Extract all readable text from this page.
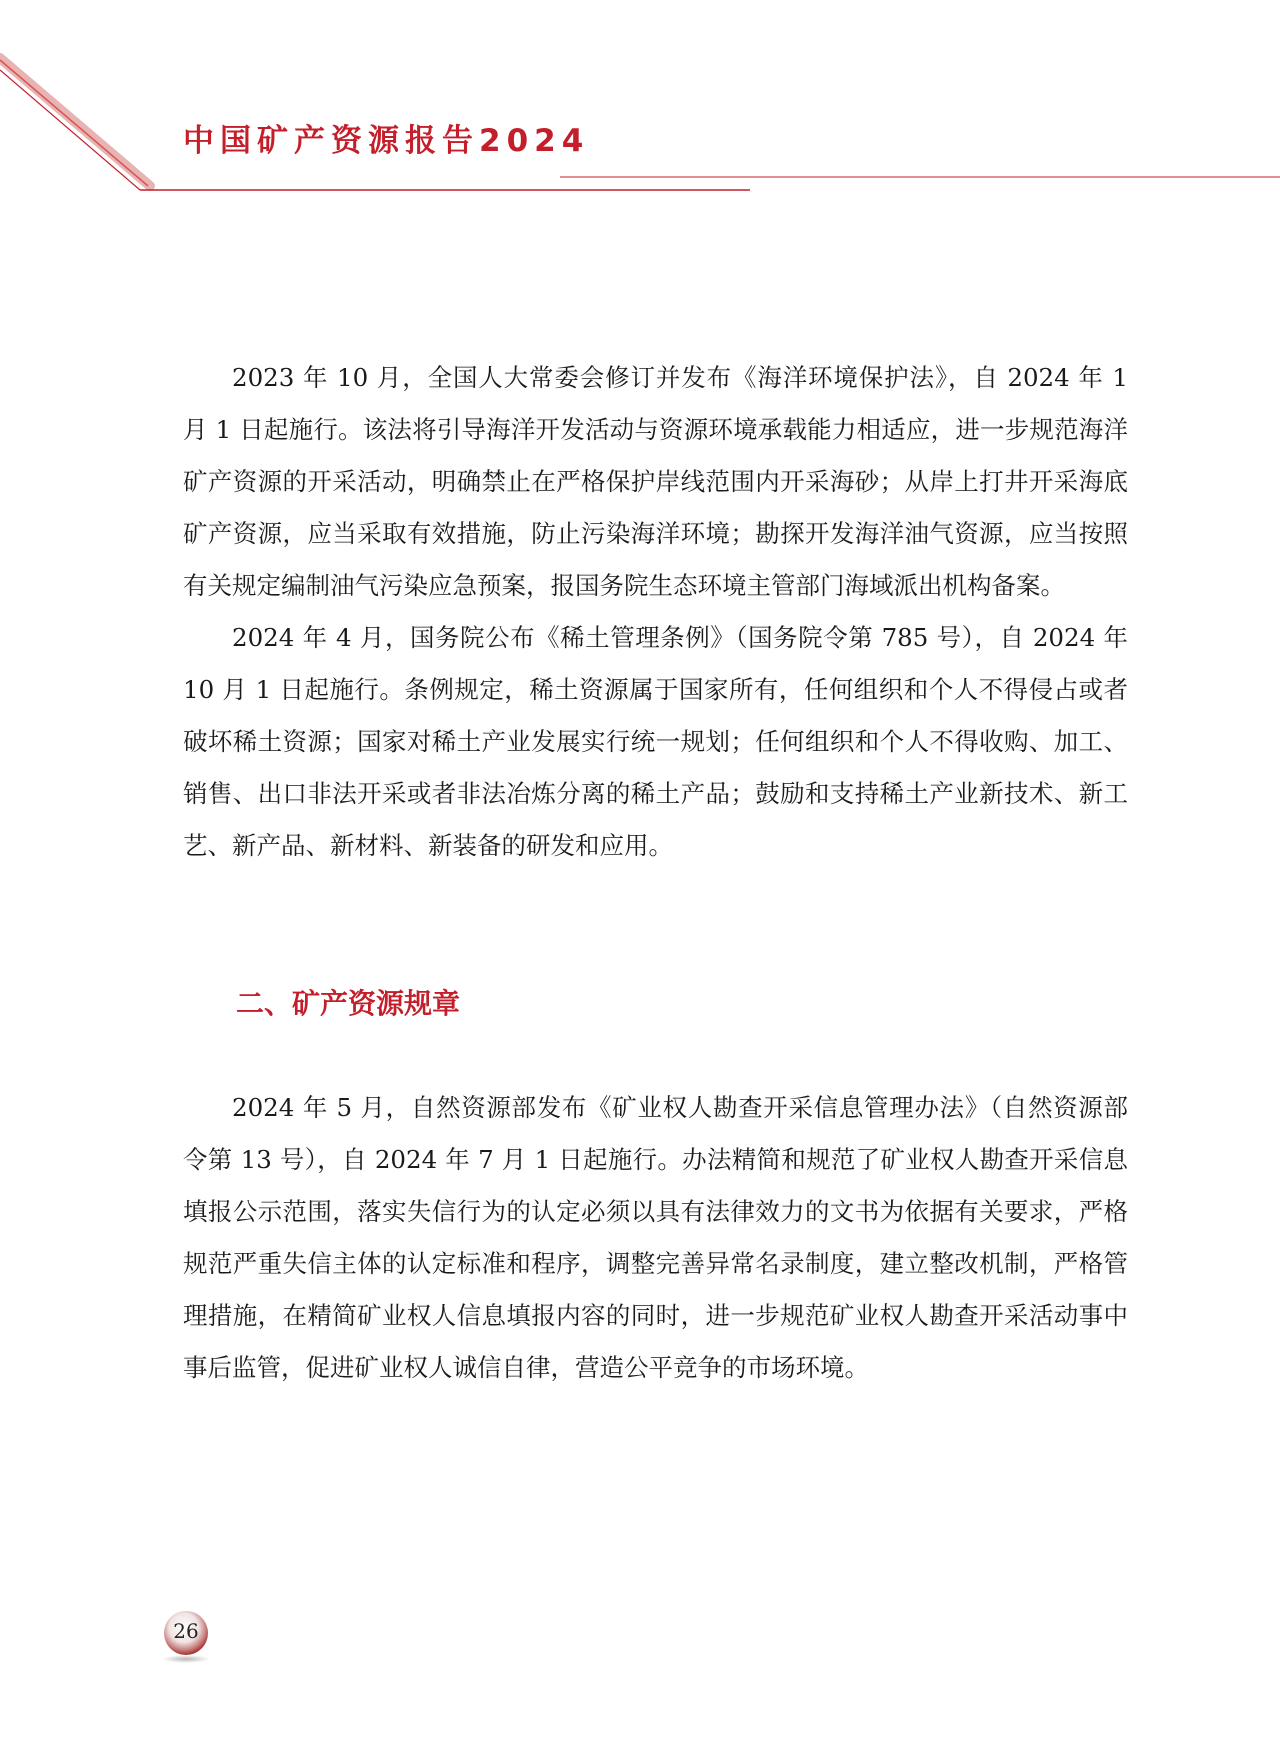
中国矿产资源报告2024

2023 年 10 月，全国人大常委会修订并发布《海洋环境保护法》，自 2024 年 1 月 1 日起施行。该法将引导海洋开发活动与资源环境承载能力相适应，进一步规范海洋矿产资源的开采活动，明确禁止在严格保护岸线范围内开采海砂；从岸上打井开采海底矿产资源，应当采取有效措施，防止污染海洋环境；勘探开发海洋油气资源，应当按照有关规定编制油气污染应急预案，报国务院生态环境主管部门海域派出机构备案。

2024 年 4 月，国务院公布《稀土管理条例》（国务院令第 785 号），自 2024 年 10 月 1 日起施行。条例规定，稀土资源属于国家所有，任何组织和个人不得侵占或者破坏稀土资源；国家对稀土产业发展实行统一规划；任何组织和个人不得收购、加工、销售、出口非法开采或者非法冶炼分离的稀土产品；鼓励和支持稀土产业新技术、新工艺、新产品、新材料、新装备的研发和应用。

二、矿产资源规章

2024 年 5 月，自然资源部发布《矿业权人勘查开采信息管理办法》（自然资源部令第 13 号），自 2024 年 7 月 1 日起施行。办法精简和规范了矿业权人勘查开采信息填报公示范围，落实失信行为的认定必须以具有法律效力的文书为依据有关要求，严格规范严重失信主体的认定标准和程序，调整完善异常名录制度，建立整改机制，严格管理措施，在精简矿业权人信息填报内容的同时，进一步规范矿业权人勘查开采活动事中事后监管，促进矿业权人诚信自律，营造公平竞争的市场环境。

26
